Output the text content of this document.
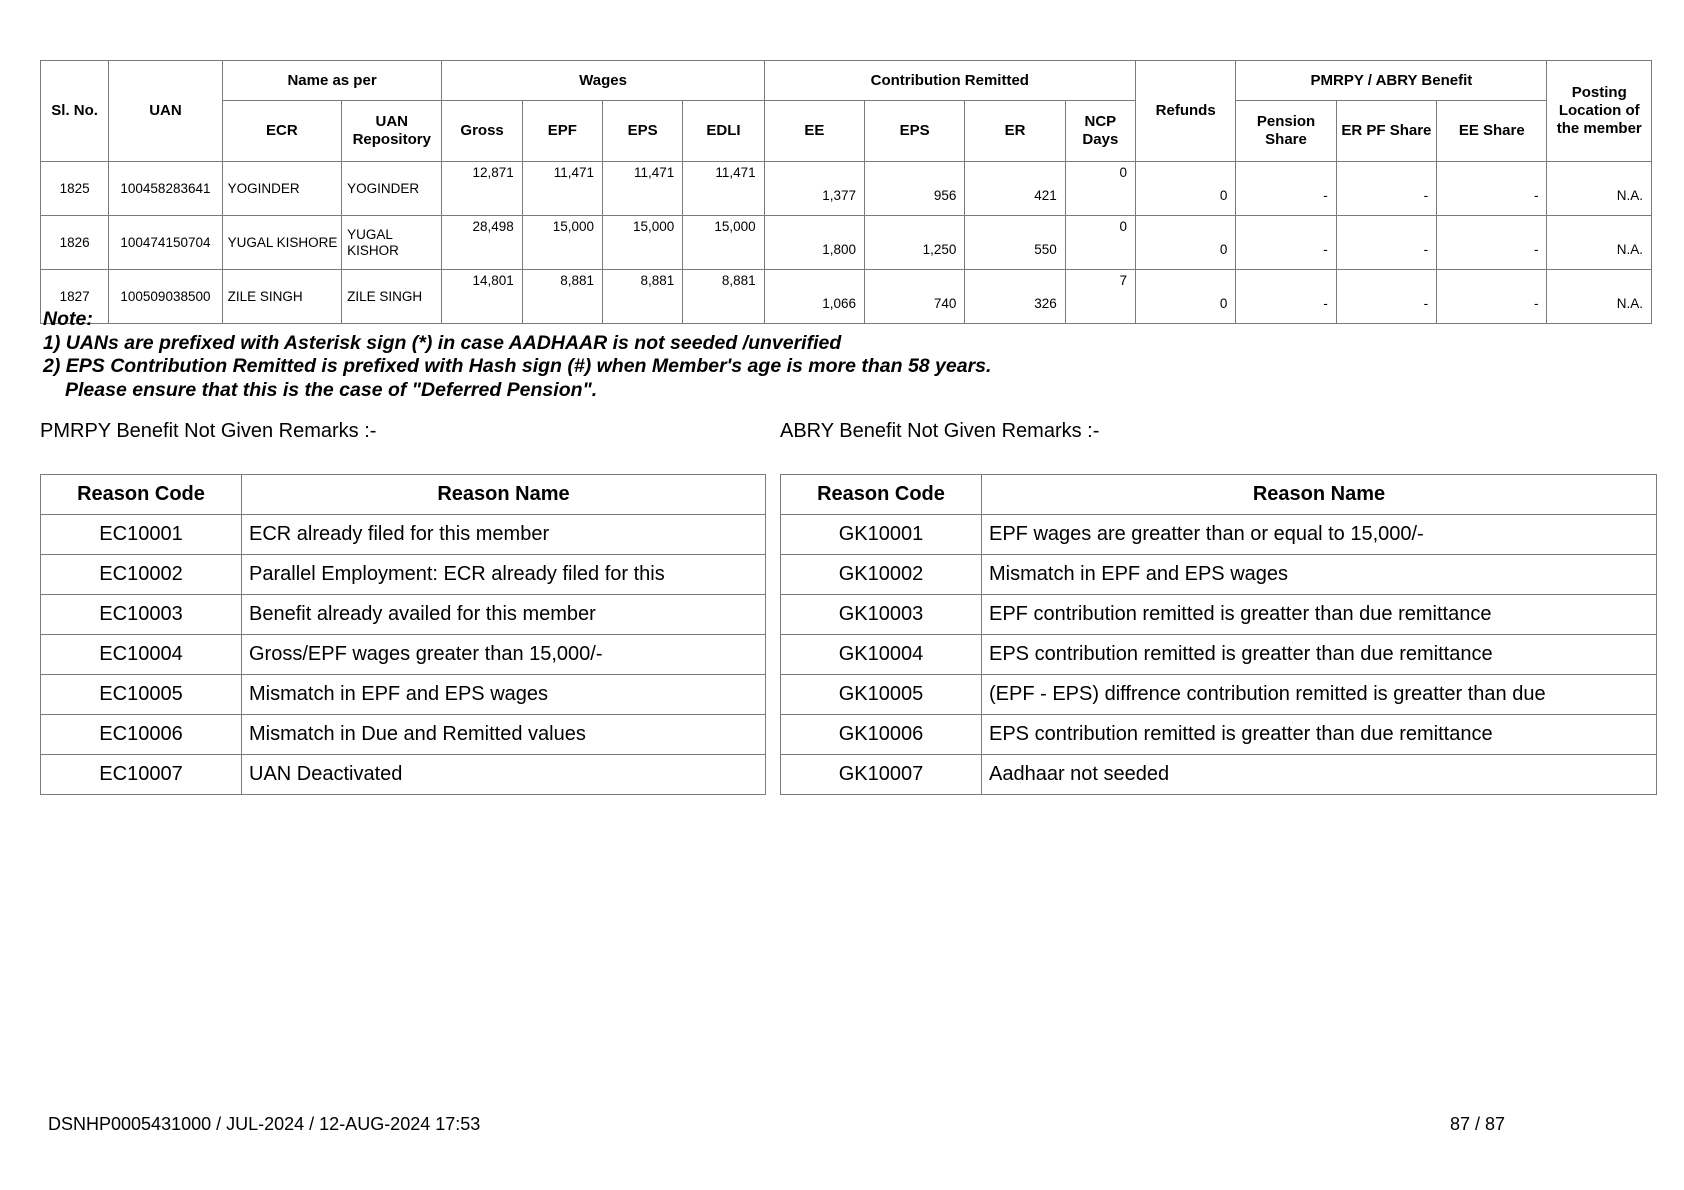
Sl. No.	UAN	Name as per		Wages				Contribution Remitted				Refunds	PMRPY / ABRY Benefit			Posting Location of the member
		ECR	UAN Repository	Gross	EPF	EPS	EDLI	EE	EPS	ER	NCP Days		Pension Share	ER PF Share	EE Share	
1825	100458283641	YOGINDER	YOGINDER	12,871	11,471	11,471	11,471	1,377	956	421	0	0	-	-	-	N.A.
1826	100474150704	YUGAL KISHORE	YUGAL KISHOR	28,498	15,000	15,000	15,000	1,800	1,250	550	0	0	-	-	-	N.A.
1827	100509038500	ZILE SINGH	ZILE SINGH	14,801	8,881	8,881	8,881	1,066	740	326	7	0	-	-	-	N.A.
Note:
1) UANs are prefixed with Asterisk sign (*) in case AADHAAR is not seeded /unverified
2) EPS Contribution Remitted is prefixed with Hash sign (#) when Member's age is more than 58 years.
Please ensure that this is the case of "Deferred Pension".
PMRPY Benefit Not Given Remarks :-	ABRY Benefit Not Given Remarks :-
Reason Code	Reason Name
EC10001	ECR already filed for this member
EC10002	Parallel Employment: ECR already filed for this
EC10003	Benefit already availed for this member
EC10004	Gross/EPF wages greater than 15,000/-
EC10005	Mismatch in EPF and EPS wages
EC10006	Mismatch in Due and Remitted values
EC10007	UAN Deactivated
Reason Code	Reason Name
GK10001	EPF wages are greatter than or equal to 15,000/-
GK10002	Mismatch in EPF and EPS wages
GK10003	EPF contribution remitted is greatter than due remittance
GK10004	EPS contribution remitted is greatter than due remittance
GK10005	(EPF - EPS) diffrence contribution remitted is greatter than due
GK10006	EPS contribution remitted is greatter than due remittance
GK10007	Aadhaar not seeded
DSNHP0005431000 / JUL-2024 / 12-AUG-2024 17:53	87 / 87
